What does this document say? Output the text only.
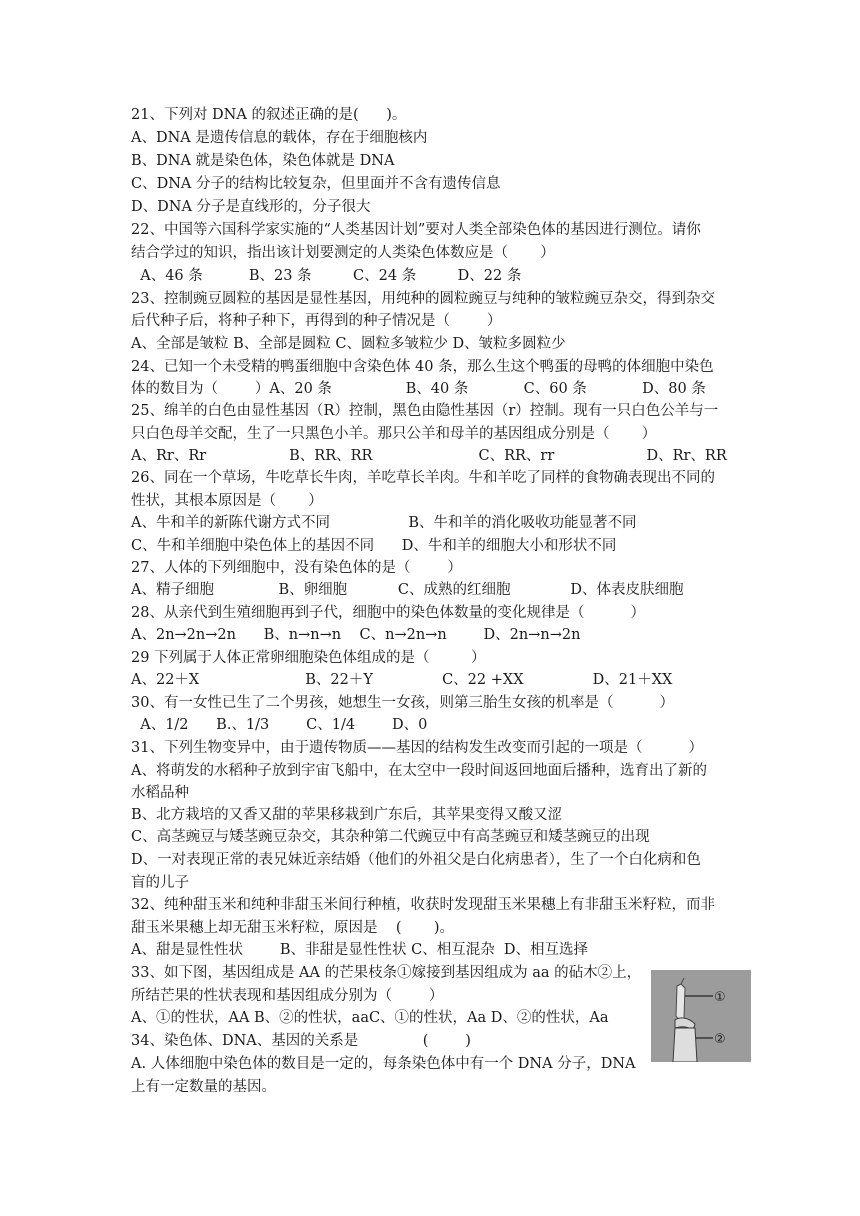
21、下列对 DNA 的叙述正确的是(      )。
A、DNA 是遗传信息的载体，存在于细胞核内
B、DNA 就是染色体，染色体就是 DNA
C、DNA 分子的结构比较复杂，但里面并不含有遗传信息
D、DNA 分子是直线形的，分子很大
22、中国等六国科学家实施的“人类基因计划”要对人类全部染色体的基因进行测位。请你
结合学过的知识，指出该计划要测定的人类染色体数应是（       ）
A、46 条          B、23 条         C、24 条         D、22 条
23、控制豌豆圆粒的基因是显性基因，用纯种的圆粒豌豆与纯种的皱粒豌豆杂交，得到杂交
后代种子后，将种子种下，再得到的种子情况是（        ）
A、全部是皱粒 B、全部是圆粒 C、圆粒多皱粒少 D、皱粒多圆粒少
24、已知一个未受精的鸭蛋细胞中含染色体 40 条，那么生这个鸭蛋的母鸭的体细胞中染色
体的数目为（        ）A、20 条                B、40 条            C、60 条            D、80 条
25、绵羊的白色由显性基因（R）控制，黑色由隐性基因（r）控制。现有一只白色公羊与一
只白色母羊交配，生了一只黑色小羊。那只公羊和母羊的基因组成分别是（       ）
A、Rr、Rr                  B、RR、RR                       C、RR、rr                    D、Rr、RR
26、同在一个草场，牛吃草长牛肉，羊吃草长羊肉。牛和羊吃了同样的食物确表现出不同的
性状，其根本原因是（       ）
A、牛和羊的新陈代谢方式不同                 B、牛和羊的消化吸收功能显著不同
C、牛和羊细胞中染色体上的基因不同      D、牛和羊的细胞大小和形状不同
27、人体的下列细胞中，没有染色体的是（        ）
A、精子细胞              B、卵细胞           C、成熟的红细胞             D、体表皮肤细胞
28、从亲代到生殖细胞再到子代，细胞中的染色体数量的变化规律是（          ）
A、2n→2n→2n      B、n→n→n    C、n→2n→n        D、2n→n→2n
29 下列属于人体正常卵细胞染色体组成的是（         ）
A、22＋X                       B、22＋Y               C、22 +XX               D、21＋XX
30、有一女性已生了二个男孩，她想生一女孩，则第三胎生女孩的机率是（          ）
A、1/2      B.、1/3        C、1/4        D、0
31、下列生物变异中，由于遗传物质——基因的结构发生改变而引起的一项是（          ）
A、将萌发的水稻种子放到宇宙飞船中，在太空中一段时间返回地面后播种，选育出了新的
水稻品种
B、北方栽培的又香又甜的苹果移栽到广东后，其苹果变得又酸又涩
C、高茎豌豆与矮茎豌豆杂交，其杂种第二代豌豆中有高茎豌豆和矮茎豌豆的出现
D、一对表现正常的表兄妹近亲结婚（他们的外祖父是白化病患者），生了一个白化病和色
盲的儿子
32、纯种甜玉米和纯种非甜玉米间行种植，收获时发现甜玉米果穗上有非甜玉米籽粒，而非
甜玉米果穗上却无甜玉米籽粒，原因是    (       )。
A、甜是显性性状        B、非甜是显性性状 C、相互混杂  D、相互选择
33、如下图，基因组成是 AA 的芒果枝条①嫁接到基因组成为 aa 的砧木②上，
所结芒果的性状表现和基因组成分别为（        ）
A、①的性状，AA B、②的性状，aaC、①的性状，Aa D、②的性状，Aa
34、染色体、DNA、基因的关系是              (        )
A. 人体细胞中染色体的数目是一定的，每条染色体中有一个 DNA 分子，DNA
上有一定数量的基因。
①
②
